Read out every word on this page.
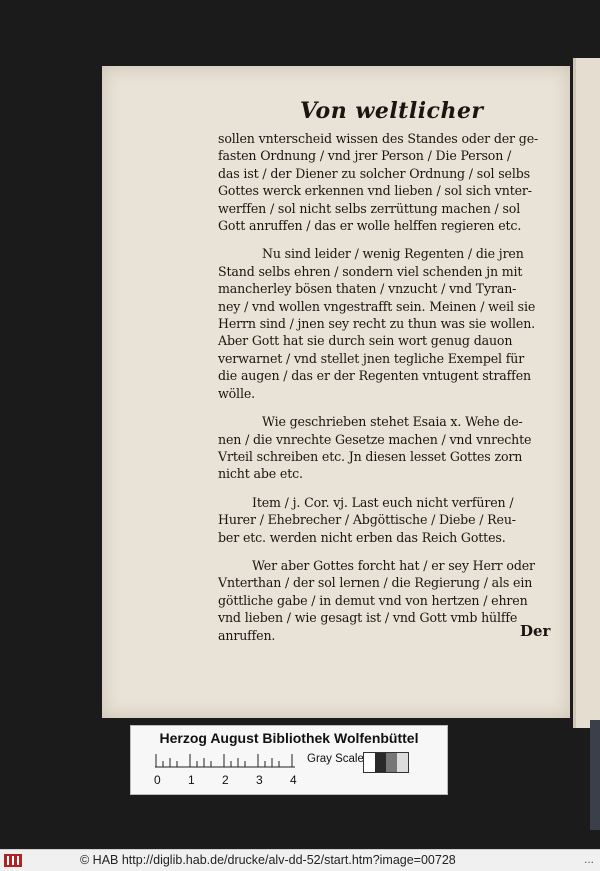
Von weltlicher
sollen vnterscheid wissen des Standes oder der ge-
fasten Ordnung / vnd jrer Person / Die Person /
das ist / der Diener zu solcher Ordnung / sol selbs
Gottes werck erkennen vnd lieben / sol sich vnter-
werffen / sol nicht selbs zerrüttung machen / sol
Gott anruffen / das er wolle helffen regieren etc.
Nu sind leider / wenig Regenten / die jren
Stand selbs ehren / sondern viel schenden jn mit
mancherley bösen thaten / vnzucht / vnd Tyran-
ney / vnd wollen vngestrafft sein. Meinen / weil sie
Herrn sind / jnen sey recht zu thun was sie wollen.
Aber Gott hat sie durch sein wort genug dauon
verwarnet / vnd stellet jnen tegliche Exempel für
die augen / das er der Regenten vntugent straffen
wölle.
Wie geschrieben stehet Esaia x. Wehe de-
nen / die vnrechte Gesetze machen / vnd vnrechte
Vrteil schreiben etc. Jn diesen lesset Gottes zorn
nicht abe etc.
Item / j. Cor. vj. Last euch nicht verfüren /
Hurer / Ehebrecher / Abgöttische / Diebe / Reu-
ber etc. werden nicht erben das Reich Gottes.
Wer aber Gottes forcht hat / er sey Herr oder
Vnterthan / der sol lernen / die Regierung / als ein
göttliche gabe / in demut vnd von hertzen / ehren
vnd lieben / wie gesagt ist / vnd Gott vmb hülffe
anruffen.	Der
Herzog August Bibliothek Wolfenbüttel
Gray Scale
0 1 2 3 4
© HAB http://diglib.hab.de/drucke/alv-dd-52/start.htm?image=00728	...
